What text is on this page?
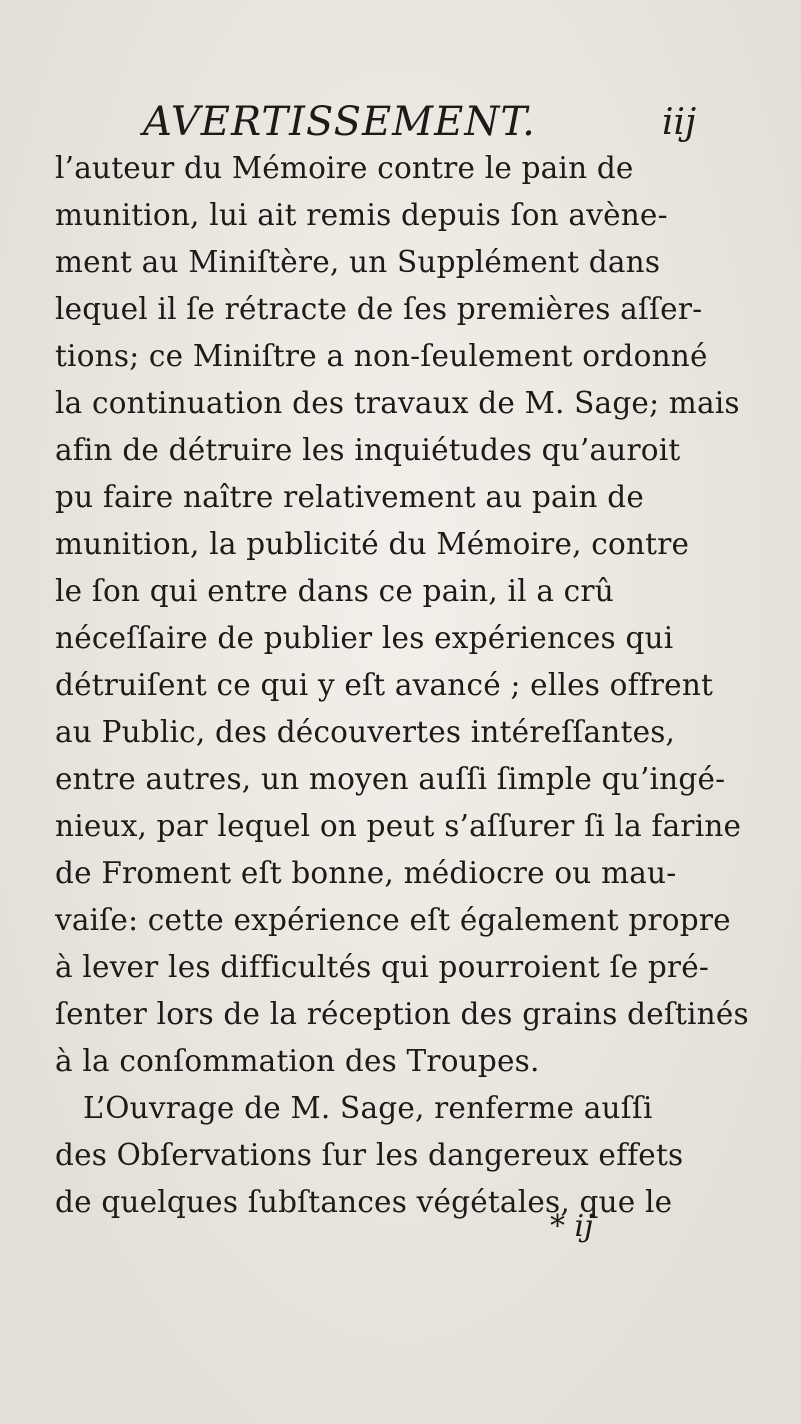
AVERTISSEMENT.	iij
l’auteur du Mémoire contre le pain de
munition, lui ait remis depuis ſon avène-
ment au Miniſtère, un Supplément dans
lequel il ſe rétracte de ſes premières aſſer-
tions; ce Miniſtre a non-ſeulement ordonné
la continuation des travaux de M. Sage; mais
afin de détruire les inquiétudes qu’auroit
pu faire naître relativement au pain de
munition, la publicité du Mémoire, contre
le ſon qui entre dans ce pain, il a crû
néceſſaire de publier les expériences qui
détruiſent ce qui y eſt avancé ; elles offrent
au Public, des découvertes intéreſſantes,
entre autres, un moyen auſſi ſimple qu’ingé-
nieux, par lequel on peut s’aſſurer ſi la farine
de Froment eſt bonne, médiocre ou mau-
vaiſe: cette expérience eſt également propre
à lever les difficultés qui pourroient ſe pré-
ſenter lors de la réception des grains deſtinés
à la conſommation des Troupes.
L’Ouvrage de M. Sage, renferme auſſi
des Obſervations ſur les dangereux effets
de quelques ſubſtances végétales, que le
* ij
